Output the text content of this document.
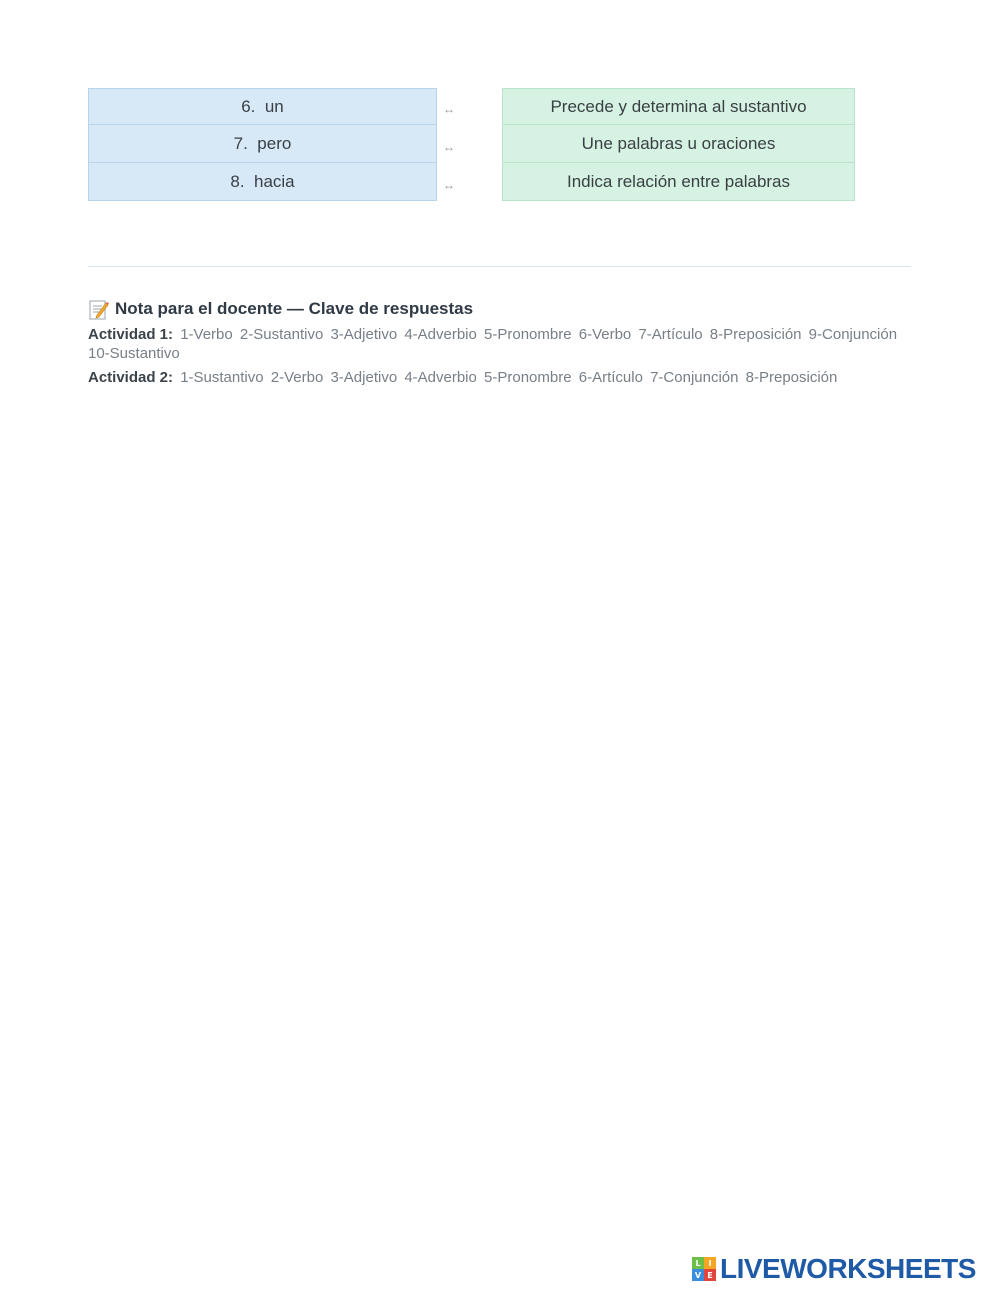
6.  un	↔	Precede y determina al sustantivo
7.  pero	↔	Une palabras u oraciones
8.  hacia	↔	Indica relación entre palabras
Nota para el docente — Clave de respuestas
Actividad 1: 1-Verbo 2-Sustantivo 3-Adjetivo 4-Adverbio 5-Pronombre 6-Verbo 7-Artículo 8-Preposición 9-Conjunción 10-Sustantivo
Actividad 2: 1-Sustantivo 2-Verbo 3-Adjetivo 4-Adverbio 5-Pronombre 6-Artículo 7-Conjunción 8-Preposición
L I
V E LIVEWORKSHEETS
